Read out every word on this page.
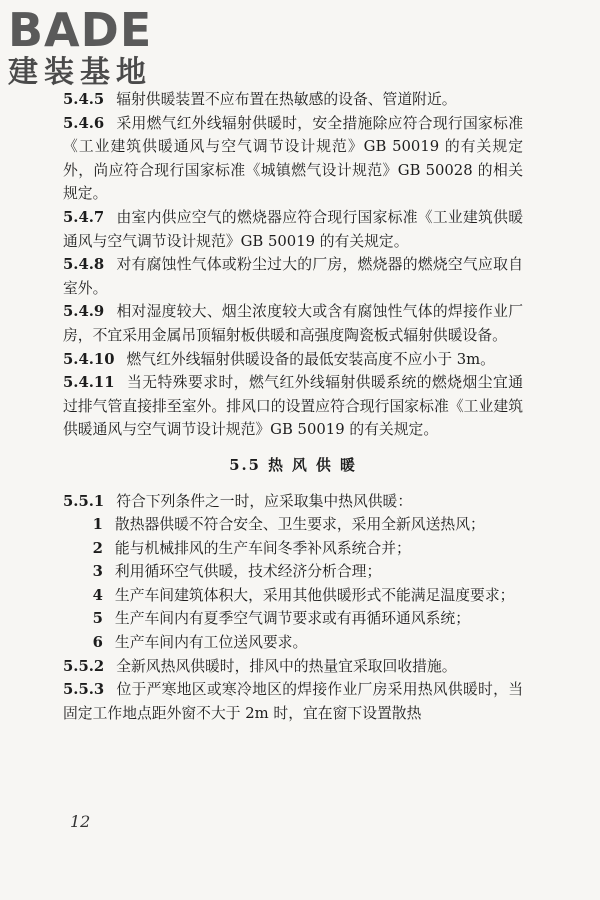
BADE
建装基地

5.4.5 辐射供暖装置不应布置在热敏感的设备、管道附近。

5.4.6 采用燃气红外线辐射供暖时，安全措施除应符合现行国家标准《工业建筑供暖通风与空气调节设计规范》GB 50019 的有关规定外，尚应符合现行国家标准《城镇燃气设计规范》GB 50028 的相关规定。

5.4.7 由室内供应空气的燃烧器应符合现行国家标准《工业建筑供暖通风与空气调节设计规范》GB 50019 的有关规定。

5.4.8 对有腐蚀性气体或粉尘过大的厂房，燃烧器的燃烧空气应取自室外。

5.4.9 相对湿度较大、烟尘浓度较大或含有腐蚀性气体的焊接作业厂房，不宜采用金属吊顶辐射板供暖和高强度陶瓷板式辐射供暖设备。

5.4.10 燃气红外线辐射供暖设备的最低安装高度不应小于 3m。

5.4.11 当无特殊要求时，燃气红外线辐射供暖系统的燃烧烟尘宜通过排气管直接排至室外。排风口的设置应符合现行国家标准《工业建筑供暖通风与空气调节设计规范》GB 50019 的有关规定。

5.5 热 风 供 暖

5.5.1 符合下列条件之一时，应采取集中热风供暖：

1 散热器供暖不符合安全、卫生要求，采用全新风送热风；

2 能与机械排风的生产车间冬季补风系统合并；

3 利用循环空气供暖，技术经济分析合理；

4 生产车间建筑体积大，采用其他供暖形式不能满足温度要求；

5 生产车间内有夏季空气调节要求或有再循环通风系统；

6 生产车间内有工位送风要求。

5.5.2 全新风热风供暖时，排风中的热量宜采取回收措施。

5.5.3 位于严寒地区或寒冷地区的焊接作业厂房采用热风供暖时，当固定工作地点距外窗不大于 2m 时，宜在窗下设置散热

12
